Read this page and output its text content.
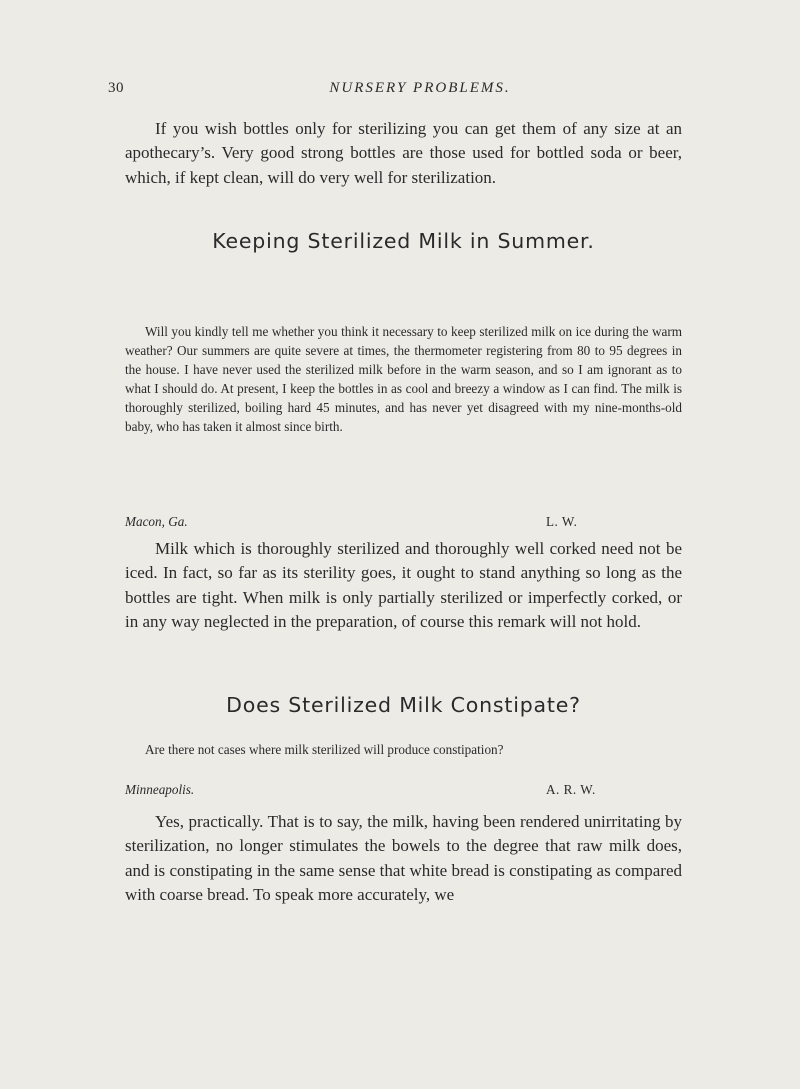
30	NURSERY PROBLEMS.

If you wish bottles only for sterilizing you can get them of any size at an apothecary’s. Very good strong bottles are those used for bottled soda or beer, which, if kept clean, will do very well for sterilization.

Keeping Sterilized Milk in Summer.

Will you kindly tell me whether you think it necessary to keep sterilized milk on ice during the warm weather? Our summers are quite severe at times, the thermometer registering from 80 to 95 degrees in the house. I have never used the sterilized milk before in the warm season, and so I am ignorant as to what I should do. At present, I keep the bottles in as cool and breezy a window as I can find. The milk is thoroughly sterilized, boiling hard 45 minutes, and has never yet disagreed with my nine-months-old baby, who has taken it almost since birth.

Macon, Ga.	L. W.

Milk which is thoroughly sterilized and thoroughly well corked need not be iced. In fact, so far as its sterility goes, it ought to stand anything so long as the bottles are tight. When milk is only partially sterilized or imperfectly corked, or in any way neglected in the preparation, of course this remark will not hold.

Does Sterilized Milk Constipate?

Are there not cases where milk sterilized will produce constipation?

Minneapolis.	A. R. W.

Yes, practically. That is to say, the milk, having been rendered unirritating by sterilization, no longer stimulates the bowels to the degree that raw milk does, and is constipating in the same sense that white bread is constipating as compared with coarse bread. To speak more accurately, we
